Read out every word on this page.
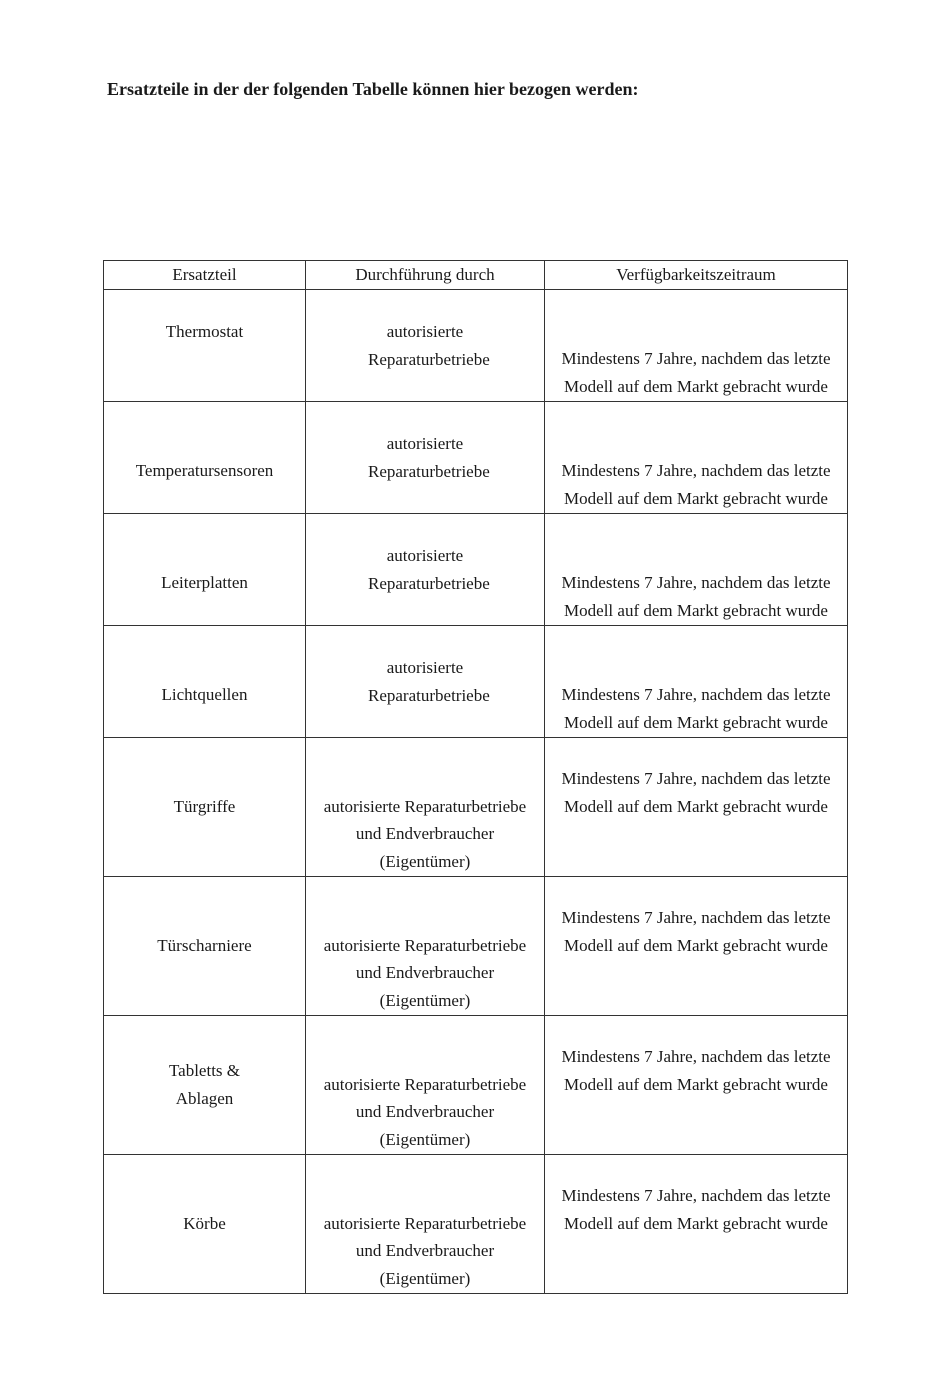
Ersatzteile in der der folgenden Tabelle können hier bezogen werden:
Ersatzteil	Durchführung durch	Verfügbarkeitszeitraum

Thermostat	autorisierte Reparaturbetriebe	Mindestens 7 Jahre, nachdem das letzte Modell auf dem Markt gebracht wurde

Temperatursensoren	autorisierte Reparaturbetriebe	Mindestens 7 Jahre, nachdem das letzte Modell auf dem Markt gebracht wurde

Leiterplatten	autorisierte Reparaturbetriebe	Mindestens 7 Jahre, nachdem das letzte Modell auf dem Markt gebracht wurde

Lichtquellen	autorisierte Reparaturbetriebe	Mindestens 7 Jahre, nachdem das letzte Modell auf dem Markt gebracht wurde

Türgriffe	autorisierte Reparaturbetriebe und Endverbraucher (Eigentümer)	Mindestens 7 Jahre, nachdem das letzte Modell auf dem Markt gebracht wurde

Türscharniere	autorisierte Reparaturbetriebe und Endverbraucher (Eigentümer)	Mindestens 7 Jahre, nachdem das letzte Modell auf dem Markt gebracht wurde

Tabletts & Ablagen	autorisierte Reparaturbetriebe und Endverbraucher (Eigentümer)	Mindestens 7 Jahre, nachdem das letzte Modell auf dem Markt gebracht wurde

Körbe	autorisierte Reparaturbetriebe und Endverbraucher (Eigentümer)	Mindestens 7 Jahre, nachdem das letzte Modell auf dem Markt gebracht wurde
